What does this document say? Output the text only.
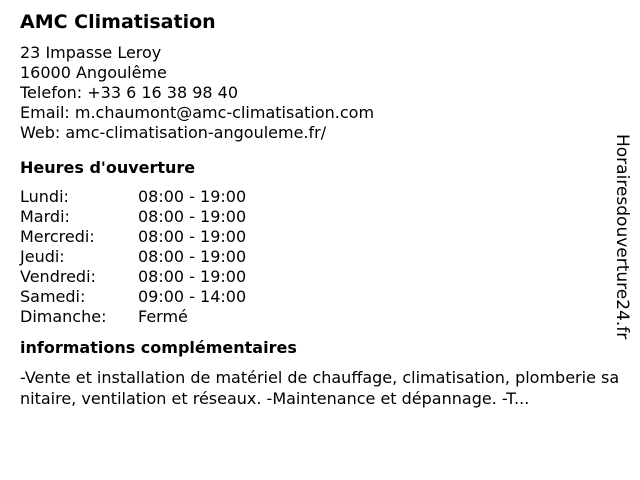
AMC Climatisation
23 Impasse Leroy
16000 Angoulême
Telefon: +33 6 16 38 98 40
Email: m.chaumont@amc-climatisation.com
Web: amc-climatisation-angouleme.fr/
Heures d'ouverture
Lundi:	08:00 - 19:00
Mardi:	08:00 - 19:00
Mercredi:	08:00 - 19:00
Jeudi:	08:00 - 19:00
Vendredi:	08:00 - 19:00
Samedi:	09:00 - 14:00
Dimanche:	Fermé
informations complémentaires
-Vente et installation de matériel de chauffage, climatisation, plomberie sanitaire, ventilation et réseaux. -Maintenance et dépannage. -T...
Horairesdouverture24.fr
